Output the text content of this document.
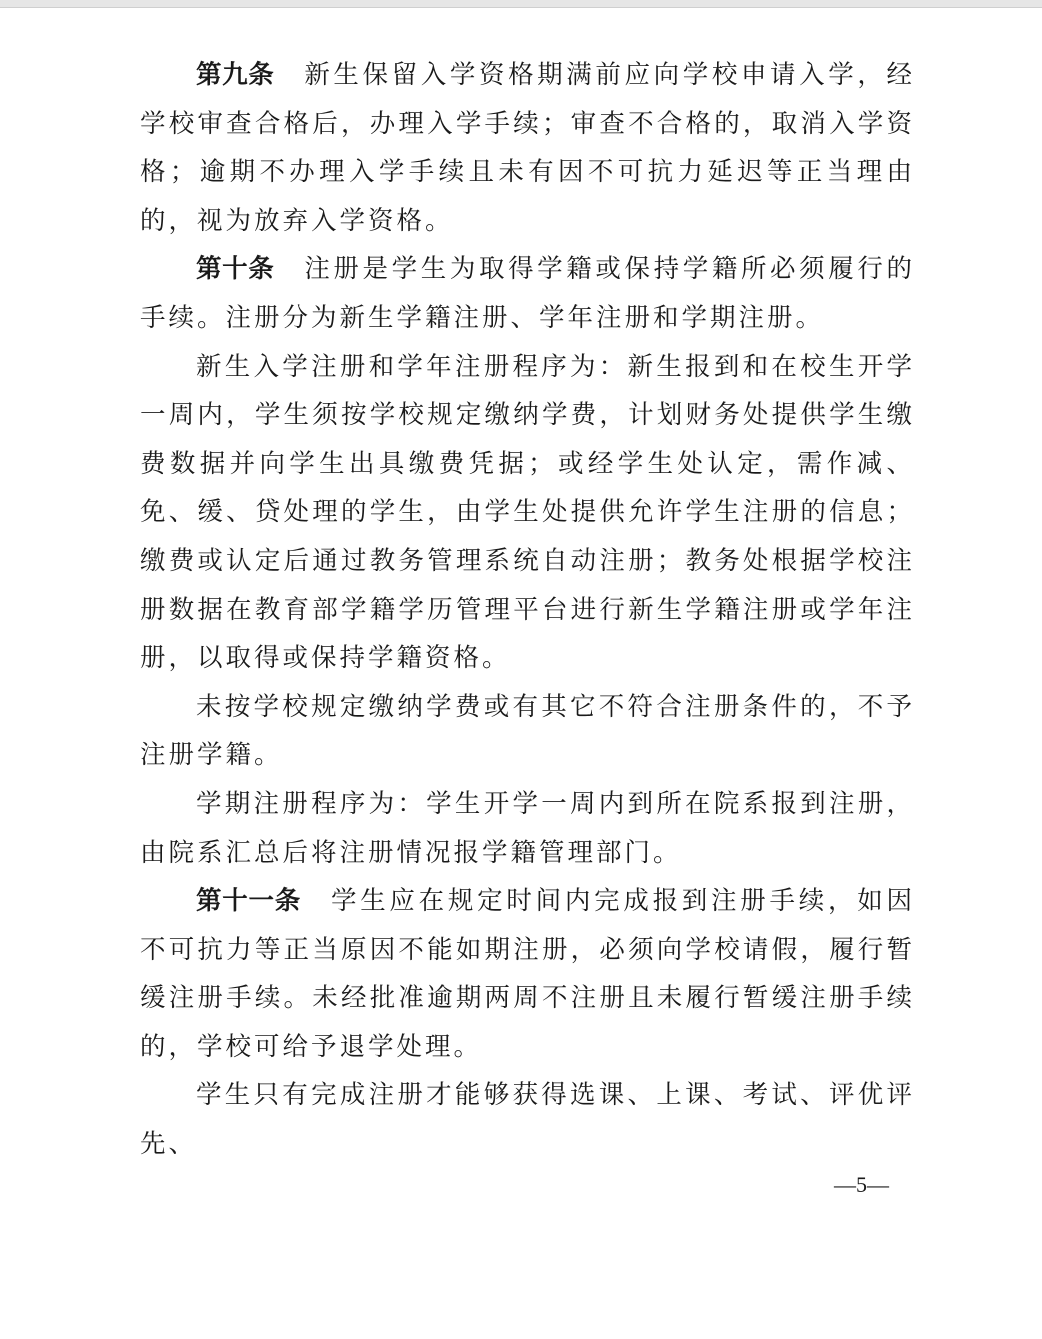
第九条 新生保留入学资格期满前应向学校申请入学，经学校审查合格后，办理入学手续；审查不合格的，取消入学资格；逾期不办理入学手续且未有因不可抗力延迟等正当理由的，视为放弃入学资格。

第十条 注册是学生为取得学籍或保持学籍所必须履行的手续。注册分为新生学籍注册、学年注册和学期注册。

新生入学注册和学年注册程序为：新生报到和在校生开学一周内，学生须按学校规定缴纳学费，计划财务处提供学生缴费数据并向学生出具缴费凭据；或经学生处认定，需作减、免、缓、贷处理的学生，由学生处提供允许学生注册的信息；缴费或认定后通过教务管理系统自动注册；教务处根据学校注册数据在教育部学籍学历管理平台进行新生学籍注册或学年注册，以取得或保持学籍资格。

未按学校规定缴纳学费或有其它不符合注册条件的，不予注册学籍。

学期注册程序为：学生开学一周内到所在院系报到注册，由院系汇总后将注册情况报学籍管理部门。

第十一条 学生应在规定时间内完成报到注册手续，如因不可抗力等正当原因不能如期注册，必须向学校请假，履行暂缓注册手续。未经批准逾期两周不注册且未履行暂缓注册手续的，学校可给予退学处理。

学生只有完成注册才能够获得选课、上课、考试、评优评先、

—5—
